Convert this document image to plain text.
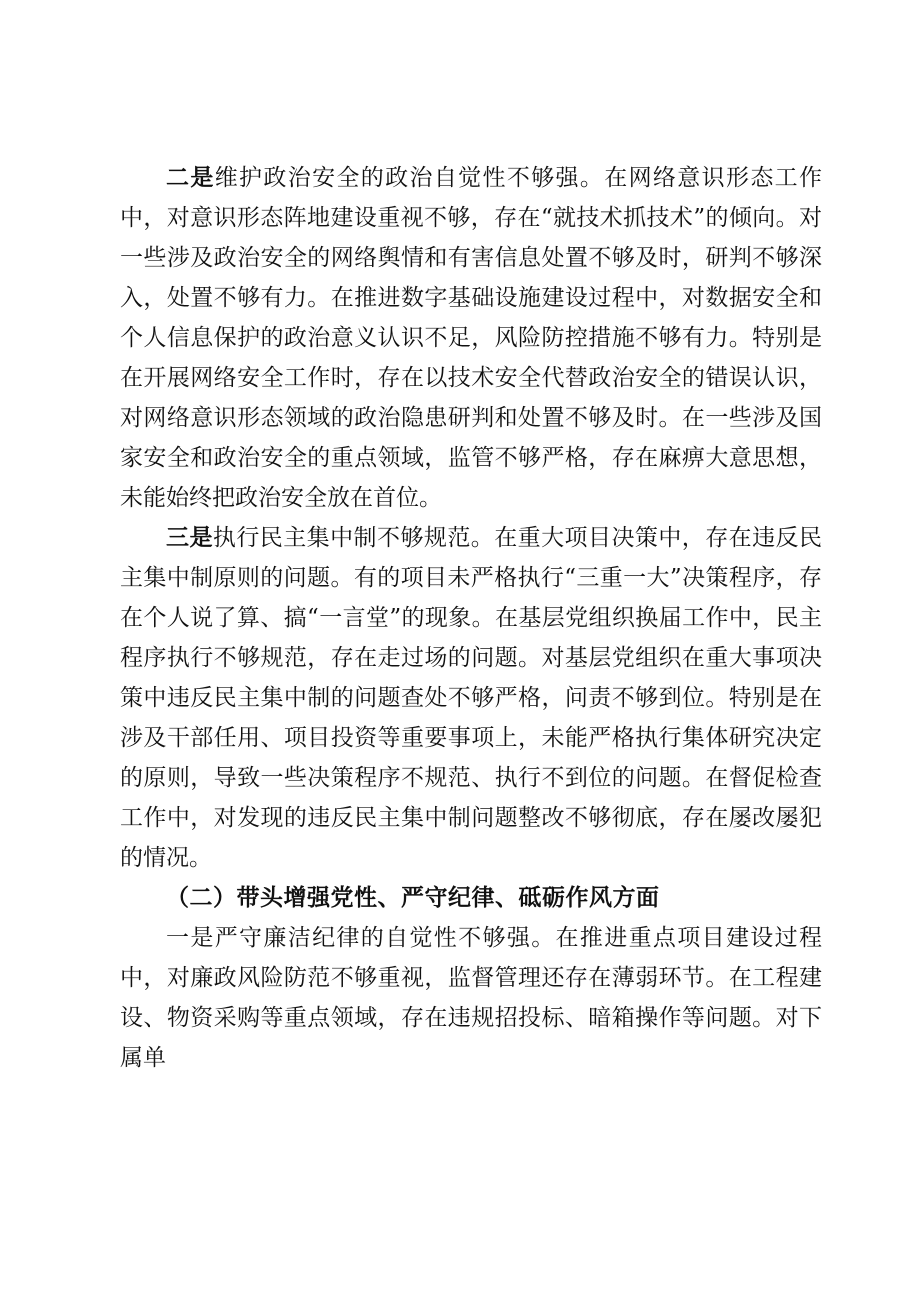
二是维护政治安全的政治自觉性不够强。在网络意识形态工作中，对意识形态阵地建设重视不够，存在“就技术抓技术”的倾向。对一些涉及政治安全的网络舆情和有害信息处置不够及时，研判不够深入，处置不够有力。在推进数字基础设施建设过程中，对数据安全和个人信息保护的政治意义认识不足，风险防控措施不够有力。特别是在开展网络安全工作时，存在以技术安全代替政治安全的错误认识，对网络意识形态领域的政治隐患研判和处置不够及时。在一些涉及国家安全和政治安全的重点领域，监管不够严格，存在麻痹大意思想，未能始终把政治安全放在首位。

三是执行民主集中制不够规范。在重大项目决策中，存在违反民主集中制原则的问题。有的项目未严格执行“三重一大”决策程序，存在个人说了算、搞“一言堂”的现象。在基层党组织换届工作中，民主程序执行不够规范，存在走过场的问题。对基层党组织在重大事项决策中违反民主集中制的问题查处不够严格，问责不够到位。特别是在涉及干部任用、项目投资等重要事项上，未能严格执行集体研究决定的原则，导致一些决策程序不规范、执行不到位的问题。在督促检查工作中，对发现的违反民主集中制问题整改不够彻底，存在屡改屡犯的情况。

（二）带头增强党性、严守纪律、砥砺作风方面

一是严守廉洁纪律的自觉性不够强。在推进重点项目建设过程中，对廉政风险防范不够重视，监督管理还存在薄弱环节。在工程建设、物资采购等重点领域，存在违规招投标、暗箱操作等问题。对下属单
